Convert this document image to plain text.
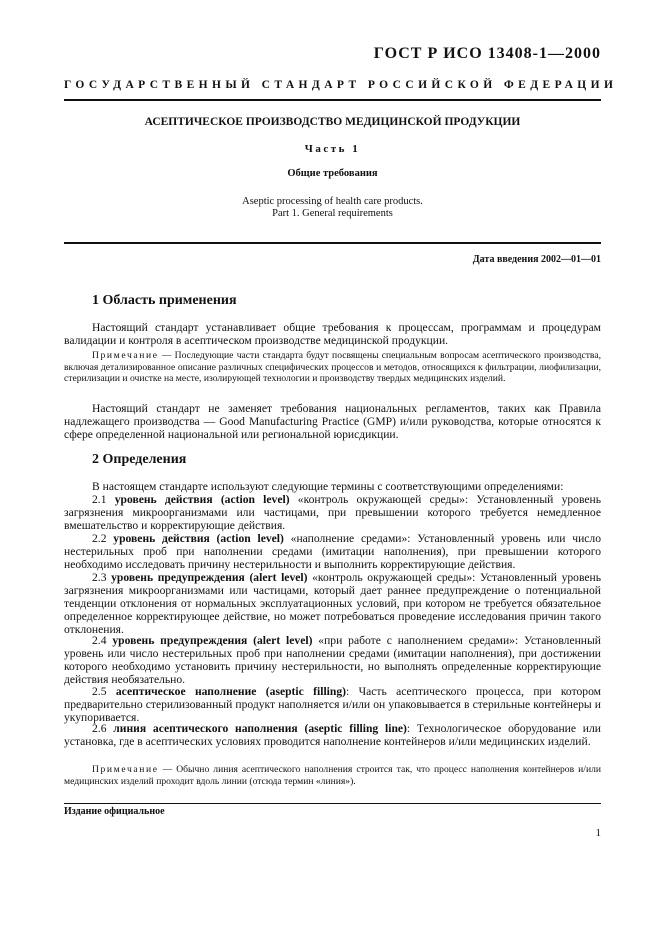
ГОСТ Р ИСО 13408-1—2000
ГОСУДАРСТВЕННЫЙ СТАНДАРТ РОССИЙСКОЙ ФЕДЕРАЦИИ
АСЕПТИЧЕСКОЕ ПРОИЗВОДСТВО МЕДИЦИНСКОЙ ПРОДУКЦИИ
Часть 1
Общие требования
Aseptic processing of health care products.
Part 1. General requirements
Дата введения 2002—01—01
1 Область применения
Настоящий стандарт устанавливает общие требования к процессам, программам и процедурам валидации и контроля в асептическом производстве медицинской продукции.
Примечание — Последующие части стандарта будут посвящены специальным вопросам асептического производства, включая детализированное описание различных специфических процессов и методов, относящихся к фильтрации, лиофилизации, стерилизации и очистке на месте, изолирующей технологии и производству твердых медицинских изделий.
Настоящий стандарт не заменяет требования национальных регламентов, таких как Правила надлежащего производства — Good Manufacturing Practice (GMP) и/или руководства, которые относятся к сфере определенной национальной или региональной юрисдикции.
2 Определения
В настоящем стандарте используют следующие термины с соответствующими определениями:
2.1 уровень действия (action level) «контроль окружающей среды»: Установленный уровень загрязнения микроорганизмами или частицами, при превышении которого требуется немедленное вмешательство и корректирующие действия.
2.2 уровень действия (action level) «наполнение средами»: Установленный уровень или число нестерильных проб при наполнении средами (имитации наполнения), при превышении которого необходимо исследовать причину нестерильности и выполнить корректирующие действия.
2.3 уровень предупреждения (alert level) «контроль окружающей среды»: Установленный уровень загрязнения микроорганизмами или частицами, который дает раннее предупреждение о потенциальной тенденции отклонения от нормальных эксплуатационных условий, при котором не требуется обязательное определенное корректирующее действие, но может потребоваться проведение исследования причин такого отклонения.
2.4 уровень предупреждения (alert level) «при работе с наполнением средами»: Установленный уровень или число нестерильных проб при наполнении средами (имитации наполнения), при достижении которого необходимо установить причину нестерильности, но выполнять определенные корректирующие действия необязательно.
2.5 асептическое наполнение (aseptic filling): Часть асептического процесса, при котором предварительно стерилизованный продукт наполняется и/или он упаковывается в стерильные контейнеры и укупоривается.
2.6 линия асептического наполнения (aseptic filling line): Технологическое оборудование или установка, где в асептических условиях проводится наполнение контейнеров и/или медицинских изделий.
Примечание — Обычно линия асептического наполнения строится так, что процесс наполнения контейнеров и/или медицинских изделий проходит вдоль линии (отсюда термин «линия»).
Издание официальное
1
